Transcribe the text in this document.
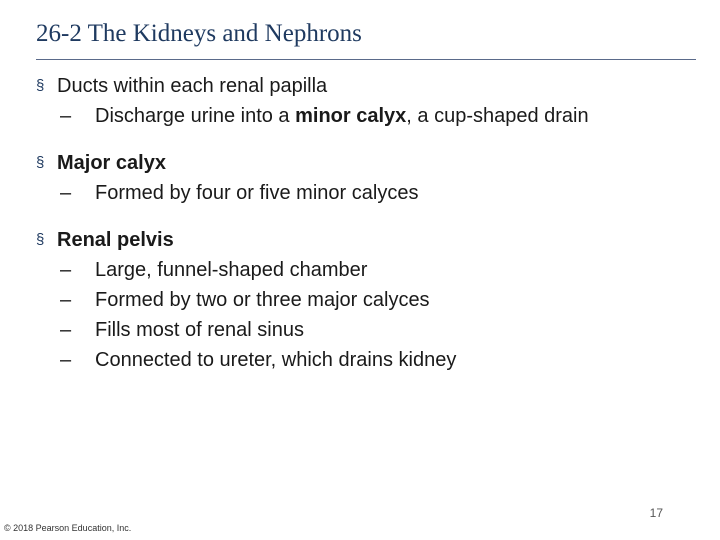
26-2 The Kidneys and Nephrons
§ Ducts within each renal papilla
– Discharge urine into a minor calyx, a cup-shaped drain
§ Major calyx
– Formed by four or five minor calyces
§ Renal pelvis
– Large, funnel-shaped chamber
– Formed by two or three major calyces
– Fills most of renal sinus
– Connected to ureter, which drains kidney
17
© 2018 Pearson Education, Inc.
